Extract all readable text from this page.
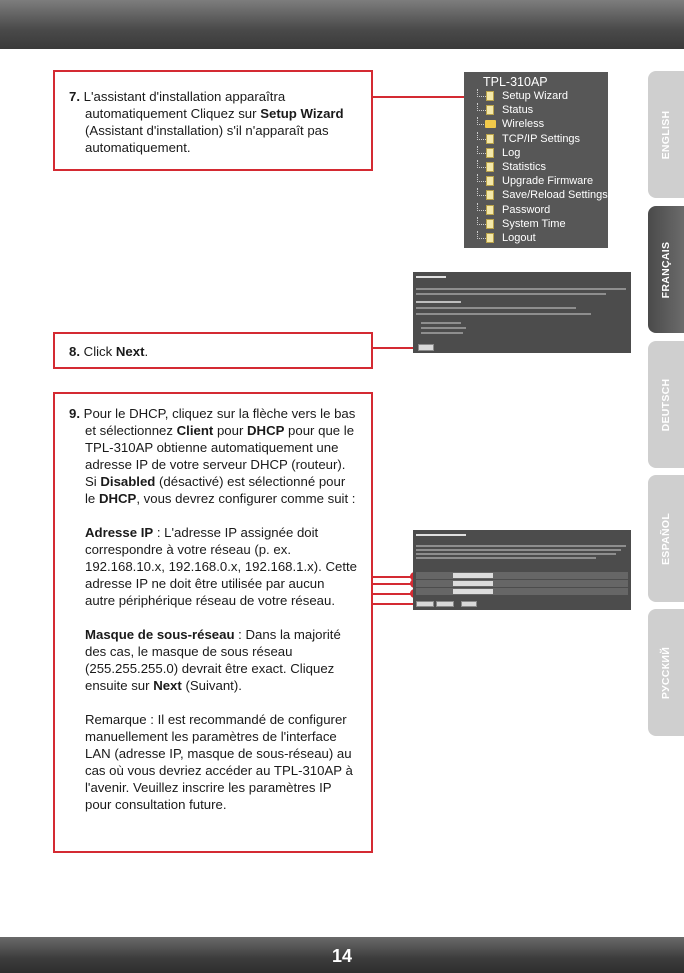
7. L'assistant d'installation apparaîtra automatiquement Cliquez sur Setup Wizard (Assistant d'installation) s'il n'apparaît pas automatiquement.

TPL-310AP
Setup Wizard
Status
Wireless
TCP/IP Settings
Log
Statistics
Upgrade Firmware
Save/Reload Settings
Password
System Time
Logout

8. Click Next.

9. Pour le DHCP, cliquez sur la flèche vers le bas et sélectionnez Client pour DHCP pour que le TPL-310AP obtienne automatiquement une adresse IP de votre serveur DHCP (routeur). Si Disabled (désactivé) est sélectionné pour le DHCP, vous devrez configurer comme suit :

Adresse IP : L'adresse IP assignée doit correspondre à votre réseau (p. ex. 192.168.10.x, 192.168.0.x, 192.168.1.x). Cette adresse IP ne doit être utilisée par aucun autre périphérique réseau de votre réseau.

Masque de sous-réseau : Dans la majorité des cas, le masque de sous réseau (255.255.255.0) devrait être exact. Cliquez ensuite sur Next (Suivant).

Remarque : Il est recommandé de configurer manuellement les paramètres de l'interface LAN (adresse IP, masque de sous-réseau) au cas où vous devriez accéder au TPL-310AP à l'avenir. Veuillez inscrire les paramètres IP pour consultation future.

ENGLISH
FRANÇAIS
DEUTSCH
ESPAÑOL
РУССКИЙ
14
